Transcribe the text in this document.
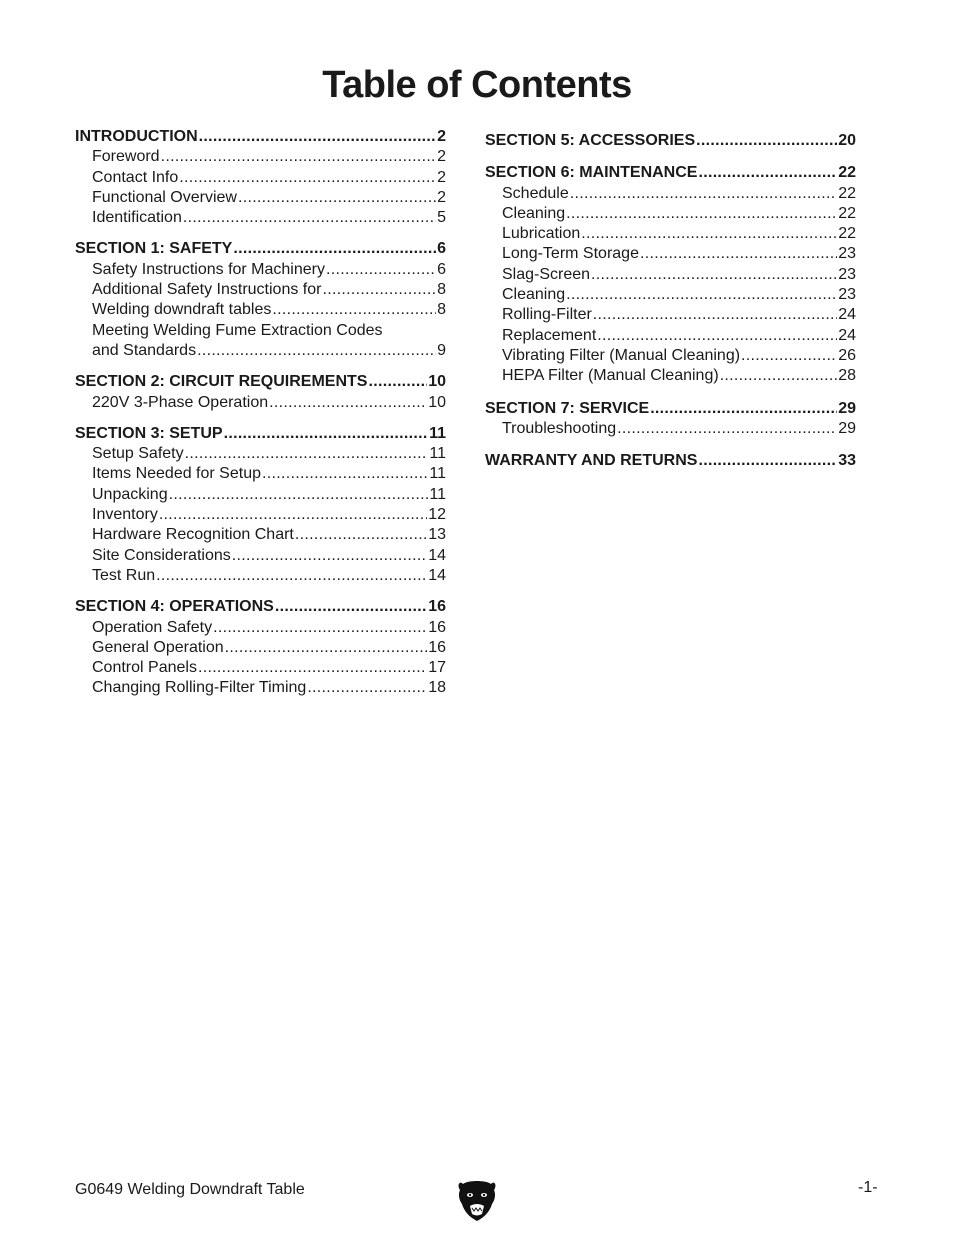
Table of Contents
INTRODUCTION .....	2
Foreword .....	2
Contact Info .....	2
Functional Overview .....	2
Identification .....	5
SECTION 1: SAFETY .....	6
Safety Instructions for Machinery .....	6
Additional Safety Instructions for .....	8
Welding downdraft tables .....	8
Meeting Welding Fume Extraction Codes
and Standards .....	9
SECTION 2: CIRCUIT REQUIREMENTS .....	10
220V 3-Phase Operation .....	10
SECTION 3: SETUP .....	11
Setup Safety .....	11
Items Needed for Setup .....	11
Unpacking .....	11
Inventory .....	12
Hardware Recognition Chart .....	13
Site Considerations .....	14
Test Run .....	14
SECTION 4: OPERATIONS .....	16
Operation Safety .....	16
General Operation .....	16
Control Panels .....	17
Changing Rolling-Filter Timing .....	18
SECTION 5: ACCESSORIES .....	20
SECTION 6: MAINTENANCE .....	22
Schedule .....	22
Cleaning .....	22
Lubrication .....	22
Long-Term Storage .....	23
Slag-Screen .....	23
Cleaning .....	23
Rolling-Filter .....	24
Replacement .....	24
Vibrating Filter (Manual Cleaning) .....	26
HEPA Filter (Manual Cleaning) .....	28
SECTION 7: SERVICE .....	29
Troubleshooting .....	29
WARRANTY AND RETURNS .....	33
G0649 Welding Downdraft Table	-1-
